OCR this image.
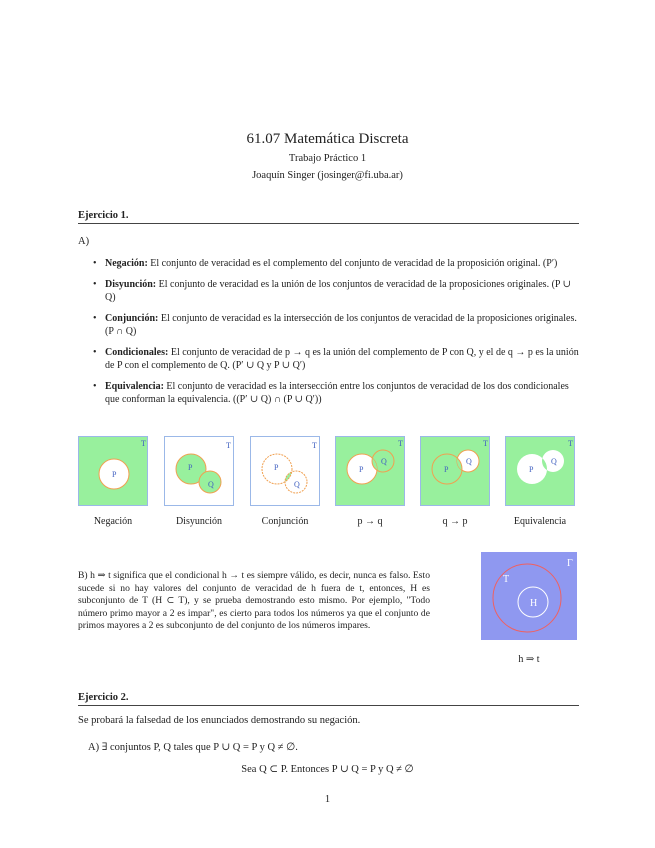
61.07 Matemática Discreta
Trabajo Práctico 1
Joaquín Singer (josinger@fi.uba.ar)
Ejercicio 1.
A)
• Negación: El conjunto de veracidad es el complemento del conjunto de veracidad de la proposición original. (P′)
• Disyunción: El conjunto de veracidad es la unión de los conjuntos de veracidad de la proposiciones originales. (P ∪ Q)
• Conjunción: El conjunto de veracidad es la intersección de los conjuntos de veracidad de la proposiciones originales. (P ∩ Q)
• Condicionales: El conjunto de veracidad de p → q es la unión del complemento de P con Q, y el de q → p es la unión de P con el complemento de Q. (P′ ∪ Q y P ∪ Q′)
• Equivalencia: El conjunto de veracidad es la intersección entre los conjuntos de veracidad de los dos condicionales que conforman la equivalencia. ((P′ ∪ Q) ∩ (P ∪ Q′))
T
P
T
P
Q
T
P
Q
T
P
Q
T
P
Q
T
P
Q
Negación	Disyunción	Conjunción	p → q	q → p	Equivalencia
B) h ⇒ t significa que el condicional h → t es siempre válido, es decir, nunca es falso. Esto sucede si no hay valores del conjunto de veracidad de h fuera de t, entonces, H es subconjunto de T (H ⊂ T), y se prueba demostrando esto mismo. Por ejemplo, "Todo número primo mayor a 2 es impar", es cierto para todos los números ya que el conjunto de primos mayores a 2 es subconjunto de del conjunto de los números impares.
Γ
T
H
h ⇒ t
Ejercicio 2.
Se probará la falsedad de los enunciados demostrando su negación.
A) ∃ conjuntos P, Q tales que P ∪ Q = P y Q ≠ ∅.
Sea Q ⊂ P. Entonces P ∪ Q = P y Q ≠ ∅
1
